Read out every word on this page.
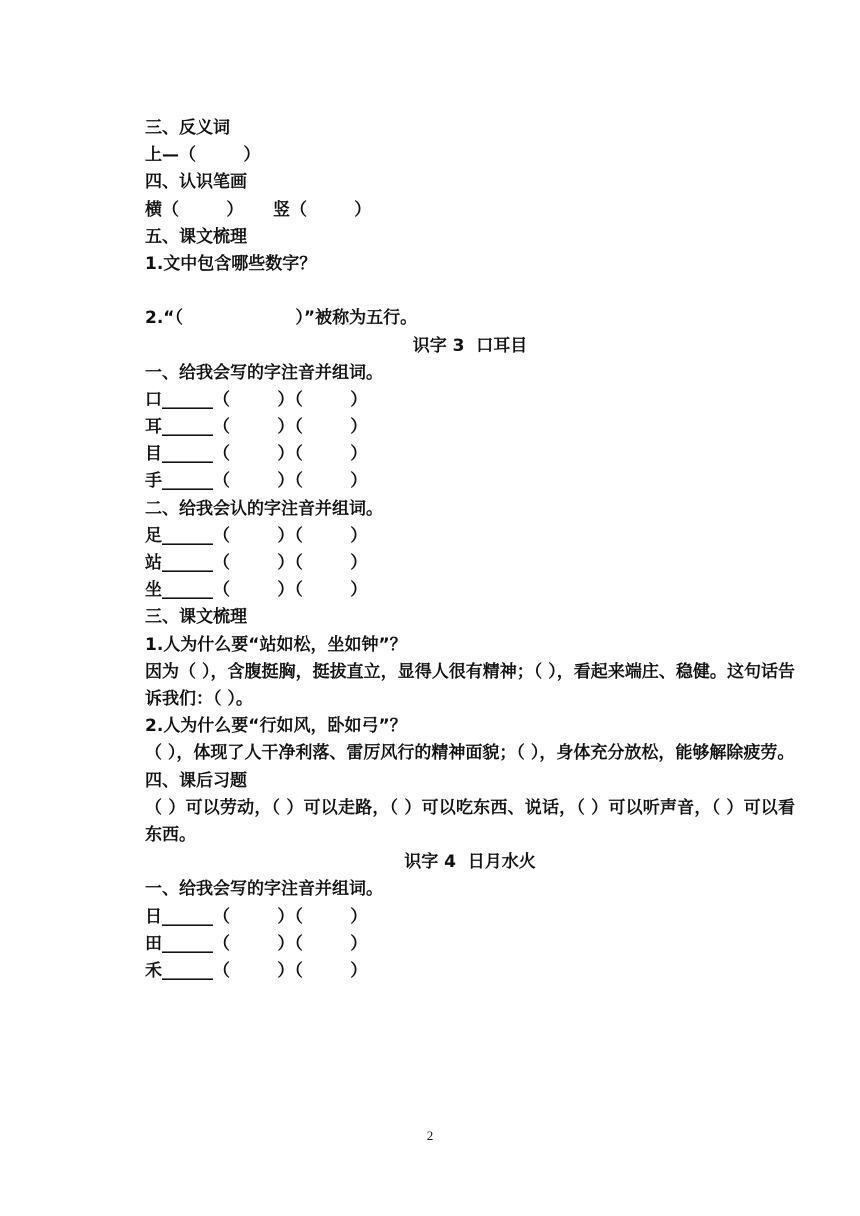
三、反义词
上—（        ）
四、认识笔画
横（        ）     竖（        ）
五、课文梳理
1.文中包含哪些数字？
2.“（                   ）”被称为五行。
识字 3  口耳目
一、给我会写的字注音并组词。
口______（        ）（        ）
耳______（        ）（        ）
目______（        ）（        ）
手______（        ）（        ）
二、给我会认的字注音并组词。
足______（        ）（        ）
站______（        ）（        ）
坐______（        ）（        ）
三、课文梳理
1.人为什么要“站如松，坐如钟”？
因为（ ），含腹挺胸，挺拔直立，显得人很有精神；（ ），看起来端庄、稳健。这句话告诉我们：（ ）。
2.人为什么要“行如风，卧如弓”？
（ ），体现了人干净利落、雷厉风行的精神面貌；（ ），身体充分放松，能够解除疲劳。
四、课后习题
（ ）可以劳动，（ ）可以走路，（ ）可以吃东西、说话，（ ）可以听声音，（ ）可以看东西。
识字 4  日月水火
一、给我会写的字注音并组词。
日______（        ）（        ）
田______（        ）（        ）
禾______（        ）（        ）
2
